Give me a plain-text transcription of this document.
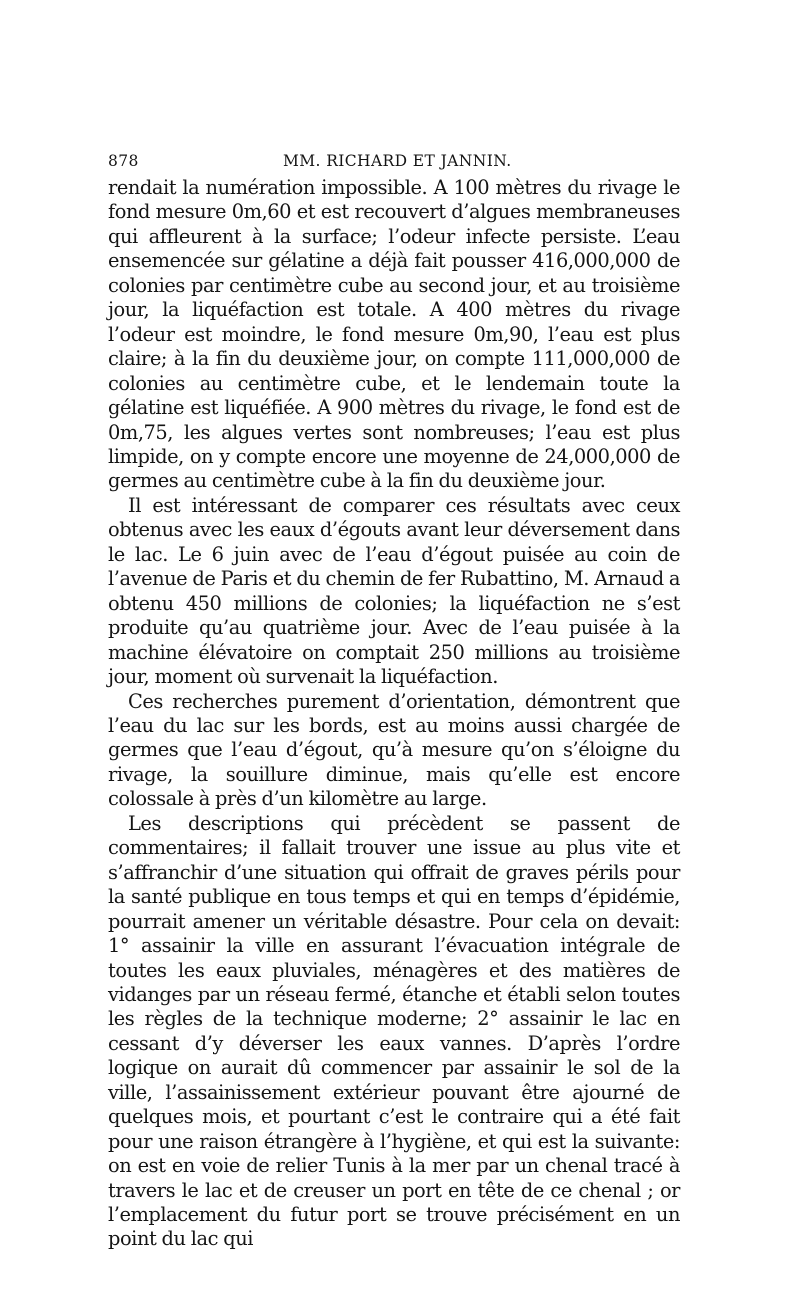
878	MM. RICHARD ET JANNIN.

rendait la numération impossible. A 100 mètres du rivage le fond mesure 0m,60 et est recouvert d’algues membraneuses qui affleurent à la surface; l’odeur infecte persiste. L’eau ensemencée sur gélatine a déjà fait pousser 416,000,000 de colonies par centimètre cube au second jour, et au troisième jour, la liquéfaction est totale. A 400 mètres du rivage l’odeur est moindre, le fond mesure 0m,90, l’eau est plus claire; à la fin du deuxième jour, on compte 111,000,000 de colonies au centimètre cube, et le lendemain toute la gélatine est liquéfiée. A 900 mètres du rivage, le fond est de 0m,75, les algues vertes sont nombreuses; l’eau est plus limpide, on y compte encore une moyenne de 24,000,000 de germes au centimètre cube à la fin du deuxième jour.

Il est intéressant de comparer ces résultats avec ceux obtenus avec les eaux d’égouts avant leur déversement dans le lac. Le 6 juin avec de l’eau d’égout puisée au coin de l’avenue de Paris et du chemin de fer Rubattino, M. Arnaud a obtenu 450 millions de colonies; la liquéfaction ne s’est produite qu’au quatrième jour. Avec de l’eau puisée à la machine élévatoire on comptait 250 millions au troisième jour, moment où survenait la liquéfaction.

Ces recherches purement d’orientation, démontrent que l’eau du lac sur les bords, est au moins aussi chargée de germes que l’eau d’égout, qu’à mesure qu’on s’éloigne du rivage, la souillure diminue, mais qu’elle est encore colossale à près d’un kilomètre au large.

Les descriptions qui précèdent se passent de commentaires; il fallait trouver une issue au plus vite et s’affranchir d’une situation qui offrait de graves périls pour la santé publique en tous temps et qui en temps d’épidémie, pourrait amener un véritable désastre. Pour cela on devait: 1° assainir la ville en assurant l’évacuation intégrale de toutes les eaux pluviales, ménagères et des matières de vidanges par un réseau fermé, étanche et établi selon toutes les règles de la technique moderne; 2° assainir le lac en cessant d’y déverser les eaux vannes. D’après l’ordre logique on aurait dû commencer par assainir le sol de la ville, l’assainissement extérieur pouvant être ajourné de quelques mois, et pourtant c’est le contraire qui a été fait pour une raison étrangère à l’hygiène, et qui est la suivante: on est en voie de relier Tunis à la mer par un chenal tracé à travers le lac et de creuser un port en tête de ce chenal ; or l’emplacement du futur port se trouve précisément en un point du lac qui
